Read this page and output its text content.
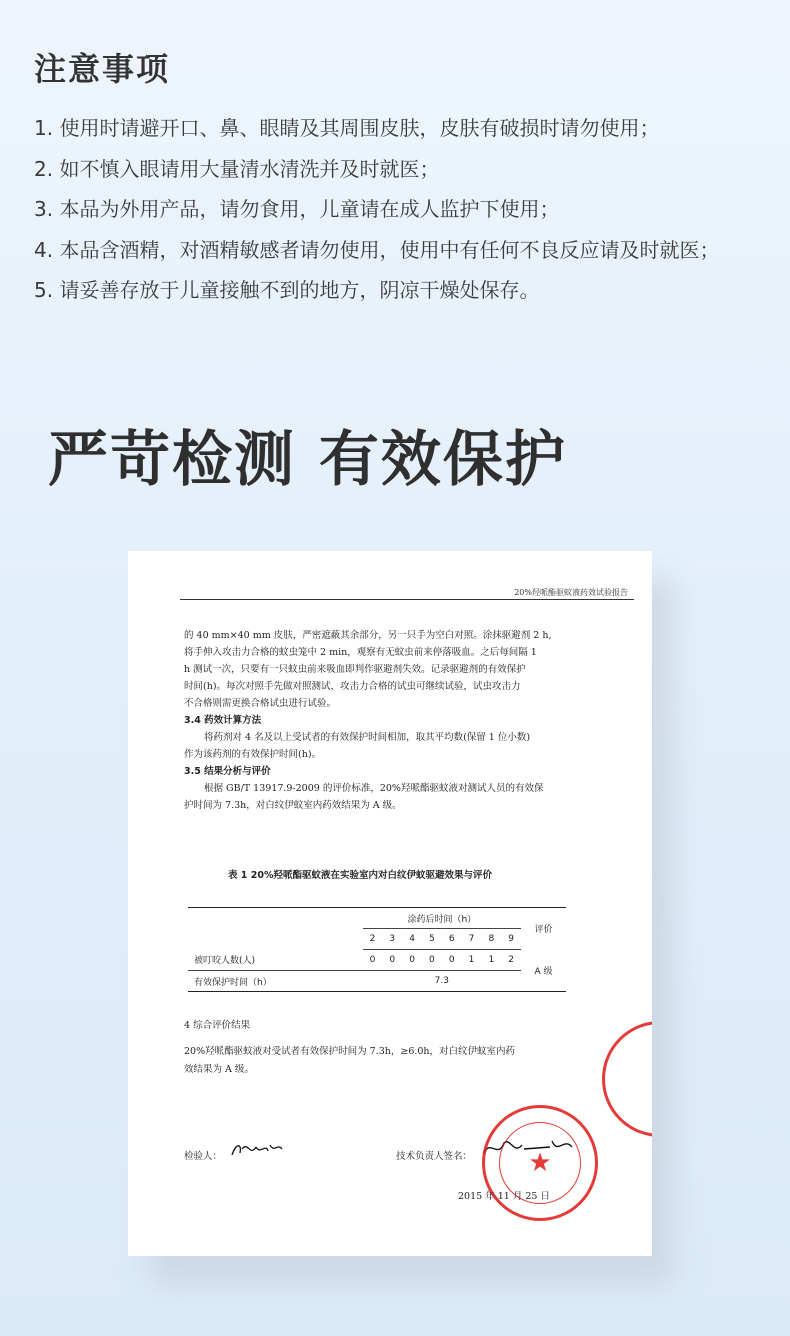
注意事项
1. 使用时请避开口、鼻、眼睛及其周围皮肤，皮肤有破损时请勿使用；
2. 如不慎入眼请用大量清水清洗并及时就医；
3. 本品为外用产品，请勿食用，儿童请在成人监护下使用；
4. 本品含酒精，对酒精敏感者请勿使用，使用中有任何不良反应请及时就医；
5. 请妥善存放于儿童接触不到的地方，阴凉干燥处保存。
严苛检测 有效保护
20%羟哌酯驱蚊液药效试验报告

的 40 mm×40 mm 皮肤，严密遮蔽其余部分，另一只手为空白对照。涂抹驱避剂 2 h,

将手伸入攻击力合格的蚊虫笼中 2 min，观察有无蚊虫前来停落吸血。之后每间隔 1

h 测试一次，只要有一只蚊虫前来吸血即判作驱避剂失效。记录驱避剂的有效保护

时间(h)。每次对照手先做对照测试，攻击力合格的试虫可继续试验，试虫攻击力

不合格则需更换合格试虫进行试验。

3.4 药效计算方法

将药剂对 4 名及以上受试者的有效保护时间相加，取其平均数(保留 1 位小数)

作为该药剂的有效保护时间(h)。

3.5 结果分析与评价

根据 GB/T 13917.9-2009 的评价标准，20%羟哌酯驱蚊液对测试人员的有效保

护时间为 7.3h，对白纹伊蚊室内药效结果为 A 级。

表 1 20%羟哌酯驱蚊液在实验室内对白纹伊蚊驱避效果与评价
	涂药后时间（h）								评价
	2	3	4	5	6	7	8	9	
被叮咬人数(人)	0	0	0	0	0	1	1	2	A 级
有效保护时间（h）	7.3								

4 综合评价结果

20%羟哌酯驱蚊液对受试者有效保护时间为 7.3h，≥6.0h，对白纹伊蚊室内药

效结果为 A 级。

检验人：	技术负责人签名： ★
2015 年 11 月 25 日
